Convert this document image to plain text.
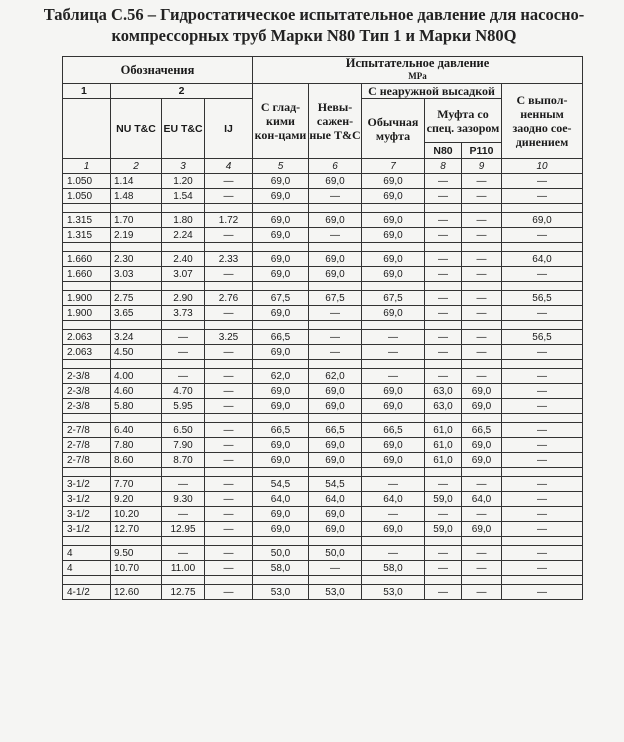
Таблица С.56 – Гидростатическое испытательное давление для насосно-
компрессорных труб Марки N80 Тип 1 и Марки N80Q
Обозначения				Испытательное давление
MPa					

1	2			С глад-кими кон-цами	Невы-сажен-ные T&C	С неаружной высадкой			С выпол-ненным заодно сое-динением
	NU T&C	EU T&C	IJ			Обычная муфта	Муфта со спец. зазором		
							N80	P110	
1	2	3	4	5	6	7	8	9	10
1.050	1.14	1.20	—	69,0	69,0	69,0	—	—	—
1.050	1.48	1.54	—	69,0	—	69,0	—	—	—

1.315	1.70	1.80	1.72	69,0	69,0	69,0	—	—	69,0
1.315	2.19	2.24	—	69,0	—	69,0	—	—	—

1.660	2.30	2.40	2.33	69,0	69,0	69,0	—	—	64,0
1.660	3.03	3.07	—	69,0	69,0	69,0	—	—	—

1.900	2.75	2.90	2.76	67,5	67,5	67,5	—	—	56,5
1.900	3.65	3.73	—	69,0	—	69,0	—	—	—

2.063	3.24	—	3.25	66,5	—	—	—	—	56,5
2.063	4.50	—	—	69,0	—	—	—	—	—

2-3/8	4.00	—	—	62,0	62,0	—	—	—	—
2-3/8	4.60	4.70	—	69,0	69,0	69,0	63,0	69,0	—
2-3/8	5.80	5.95	—	69,0	69,0	69,0	63,0	69,0	—

2-7/8	6.40	6.50	—	66,5	66,5	66,5	61,0	66,5	—
2-7/8	7.80	7.90	—	69,0	69,0	69,0	61,0	69,0	—
2-7/8	8.60	8.70	—	69,0	69,0	69,0	61,0	69,0	—

3-1/2	7.70	—	—	54,5	54,5	—	—	—	—
3-1/2	9.20	9.30	—	64,0	64,0	64,0	59,0	64,0	—
3-1/2	10.20	—	—	69,0	69,0	—	—	—	—
3-1/2	12.70	12.95	—	69,0	69,0	69,0	59,0	69,0	—

4	9.50	—	—	50,0	50,0	—	—	—	—
4	10.70	11.00	—	58,0	—	58,0	—	—	—

4-1/2	12.60	12.75	—	53,0	53,0	53,0	—	—	—
